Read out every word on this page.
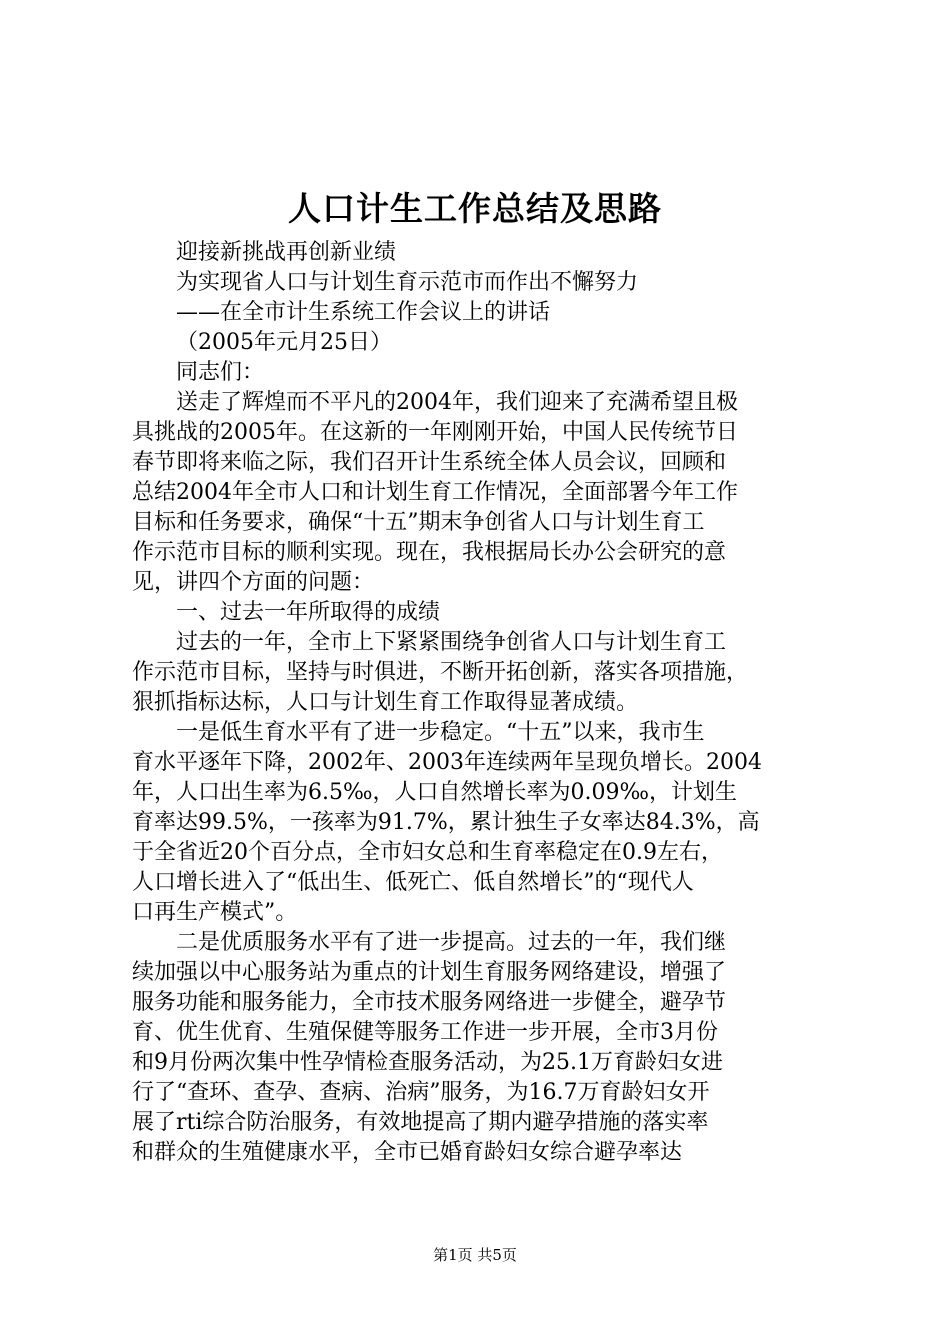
人口计生工作总结及思路
迎接新挑战再创新业绩
为实现省人口与计划生育示范市而作出不懈努力
——在全市计生系统工作会议上的讲话
（2005年元月25日）
同志们：
送走了辉煌而不平凡的2004年，我们迎来了充满希望且极
具挑战的2005年。在这新的一年刚刚开始，中国人民传统节日
春节即将来临之际，我们召开计生系统全体人员会议，回顾和
总结2004年全市人口和计划生育工作情况，全面部署今年工作
目标和任务要求，确保“十五”期末争创省人口与计划生育工
作示范市目标的顺利实现。现在，我根据局长办公会研究的意
见，讲四个方面的问题：
一、过去一年所取得的成绩
过去的一年，全市上下紧紧围绕争创省人口与计划生育工
作示范市目标，坚持与时俱进，不断开拓创新，落实各项措施，
狠抓指标达标，人口与计划生育工作取得显著成绩。
一是低生育水平有了进一步稳定。“十五”以来，我市生
育水平逐年下降，2002年、2003年连续两年呈现负增长。2004
年，人口出生率为6.5‰，人口自然增长率为0.09‰，计划生
育率达99.5%，一孩率为91.7%，累计独生子女率达84.3%，高
于全省近20个百分点，全市妇女总和生育率稳定在0.9左右，
人口增长进入了“低出生、低死亡、低自然增长”的“现代人
口再生产模式”。
二是优质服务水平有了进一步提高。过去的一年，我们继
续加强以中心服务站为重点的计划生育服务网络建设，增强了
服务功能和服务能力，全市技术服务网络进一步健全，避孕节
育、优生优育、生殖保健等服务工作进一步开展，全市3月份
和9月份两次集中性孕情检查服务活动，为25.1万育龄妇女进
行了“查环、查孕、查病、治病”服务，为16.7万育龄妇女开
展了rti综合防治服务，有效地提高了期内避孕措施的落实率
和群众的生殖健康水平，全市已婚育龄妇女综合避孕率达
第1页 共5页
